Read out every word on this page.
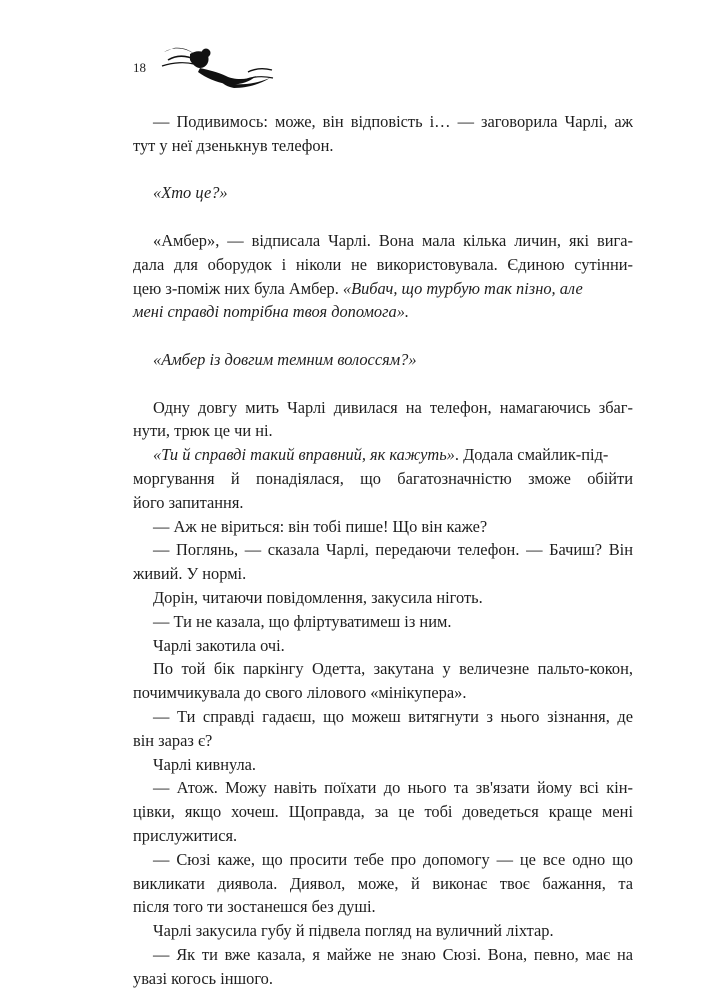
18
— Подивимось: може, він відповість і… — заговорила Чарлі, аж
тут у неї дзенькнув телефон.
«Хто це?»
«Амбер», — відписала Чарлі. Вона мала кілька личин, які вига-
дала для оборудок і ніколи не використовувала. Єдиною сутінни-
цею з-поміж них була Амбер. «Вибач, що турбую так пізно, але
мені справді потрібна твоя допомога».
«Амбер із довгим темним волоссям?»
Одну довгу мить Чарлі дивилася на телефон, намагаючись збаг-
нути, трюк це чи ні.
«Ти й справді такий вправний, як кажуть». Додала смайлик-під-
моргування й понадіялася, що багатозначністю зможе обійти
його запитання.
— Аж не віриться: він тобі пише! Що він каже?
— Поглянь, — сказала Чарлі, передаючи телефон. — Бачиш? Він
живий. У нормі.
Дорін, читаючи повідомлення, закусила ніготь.
— Ти не казала, що фліртуватимеш із ним.
Чарлі закотила очі.
По той бік паркінгу Одетта, закутана у величезне пальто-кокон,
почимчикувала до свого лілового «мінікупера».
— Ти справді гадаєш, що можеш витягнути з нього зізнання, де
він зараз є?
Чарлі кивнула.
— Атож. Можу навіть поїхати до нього та зв'язати йому всі кін-
цівки, якщо хочеш. Щоправда, за це тобі доведеться краще мені
прислужитися.
— Сюзі каже, що просити тебе про допомогу — це все одно що
викликати диявола. Диявол, може, й виконає твоє бажання, та
після того ти зостанешся без душі.
Чарлі закусила губу й підвела погляд на вуличний ліхтар.
— Як ти вже казала, я майже не знаю Сюзі. Вона, певно, має на
увазі когось іншого.
